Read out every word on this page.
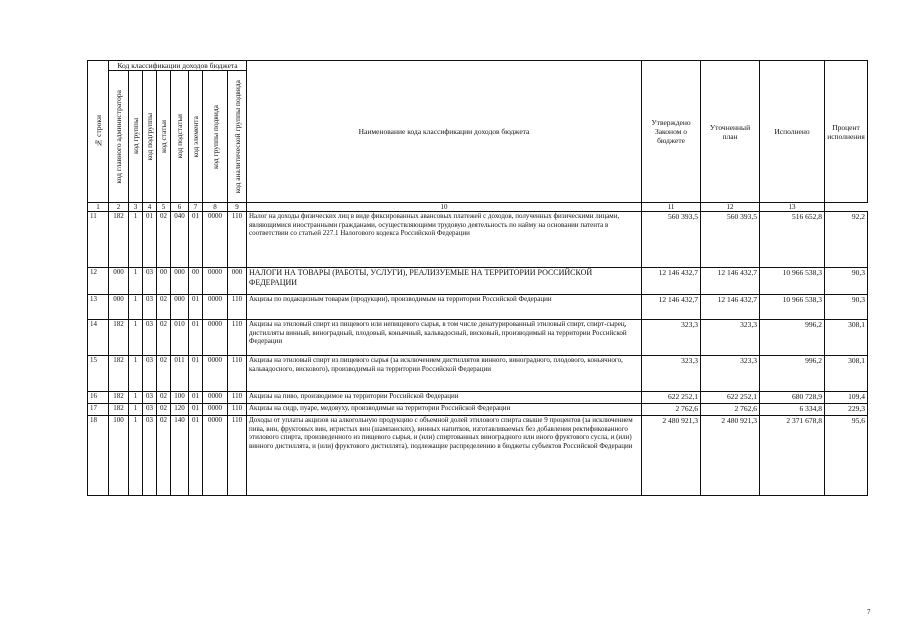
№ строки	Код классификации доходов бюджета								Наименование кода классификации доходов бюджета	Утверждено Законом о бюджете	Уточненный план	Исполнено	Процент исполнения

	код главного администратора	код группы	код подгруппы	код статьи	код подстатьи	код элемента	код группы подвида	код аналитической группы подвида					

1	2	3	4	5	6	7	8	9	10	11	12	13	
11	182	1	01	02	040	01	0000	110	Налог на доходы физических лиц в виде фиксированных авансовых платежей с доходов, полученных физическими лицами, являющимися иностранными гражданами, осуществляющими трудовую деятельность по найму на основании патента в соответствии со статьей 227.1 Налогового кодекса Российской Федерации	560 393,5	560 393,5	516 652,8	92,2
12	000	1	03	00	000	00	0000	000	НАЛОГИ НА ТОВАРЫ (РАБОТЫ, УСЛУГИ), РЕАЛИЗУЕМЫЕ НА ТЕРРИТОРИИ РОССИЙСКОЙ ФЕДЕРАЦИИ	12 146 432,7	12 146 432,7	10 966 538,3	90,3
13	000	1	03	02	000	01	0000	110	Акцизы по подакцизным товарам (продукции), производимым на территории Российской Федерации	12 146 432,7	12 146 432,7	10 966 538,3	90,3
14	182	1	03	02	010	01	0000	110	Акцизы на этиловый спирт из пищевого или непищевого сырья, в том числе денатурированный этиловый спирт, спирт-сырец, дистилляты винный, виноградный, плодовый, коньячный, кальвадосный, висковый, производимый на территории Российской Федерации	323,3	323,3	996,2	308,1
15	182	1	03	02	011	01	0000	110	Акцизы на этиловый спирт из пищевого сырья (за исключением дистиллятов винного, виноградного, плодового, коньячного, кальвадосного, вискового), производимый на территории Российской Федерации	323,3	323,3	996,2	308,1
16	182	1	03	02	100	01	0000	110	Акцизы на пиво, производимое на территории Российской Федерации	622 252,1	622 252,1	680 728,9	109,4
17	182	1	03	02	120	01	0000	110	Акцизы на сидр, пуаре, медовуху, производимые на территории Российской Федерации	2 762,6	2 762,6	6 334,8	229,3
18	100	1	03	02	140	01	0000	110	Доходы от уплаты акцизов на алкогольную продукцию с объемной долей этилового спирта свыше 9 процентов (за исключением пива, вин, фруктовых вин, игристых вин (шампанских), винных напитков, изготавливаемых без добавления ректификованного этилового спирта, произведенного из пищевого сырья, и (или) спиртованных виноградного или иного фруктового сусла, и (или) винного дистиллята, и (или) фруктового дистиллята), подлежащие распределению в бюджеты субъектов Российской Федерации	2 480 921,3	2 480 921,3	2 371 678,8	95,6
7
